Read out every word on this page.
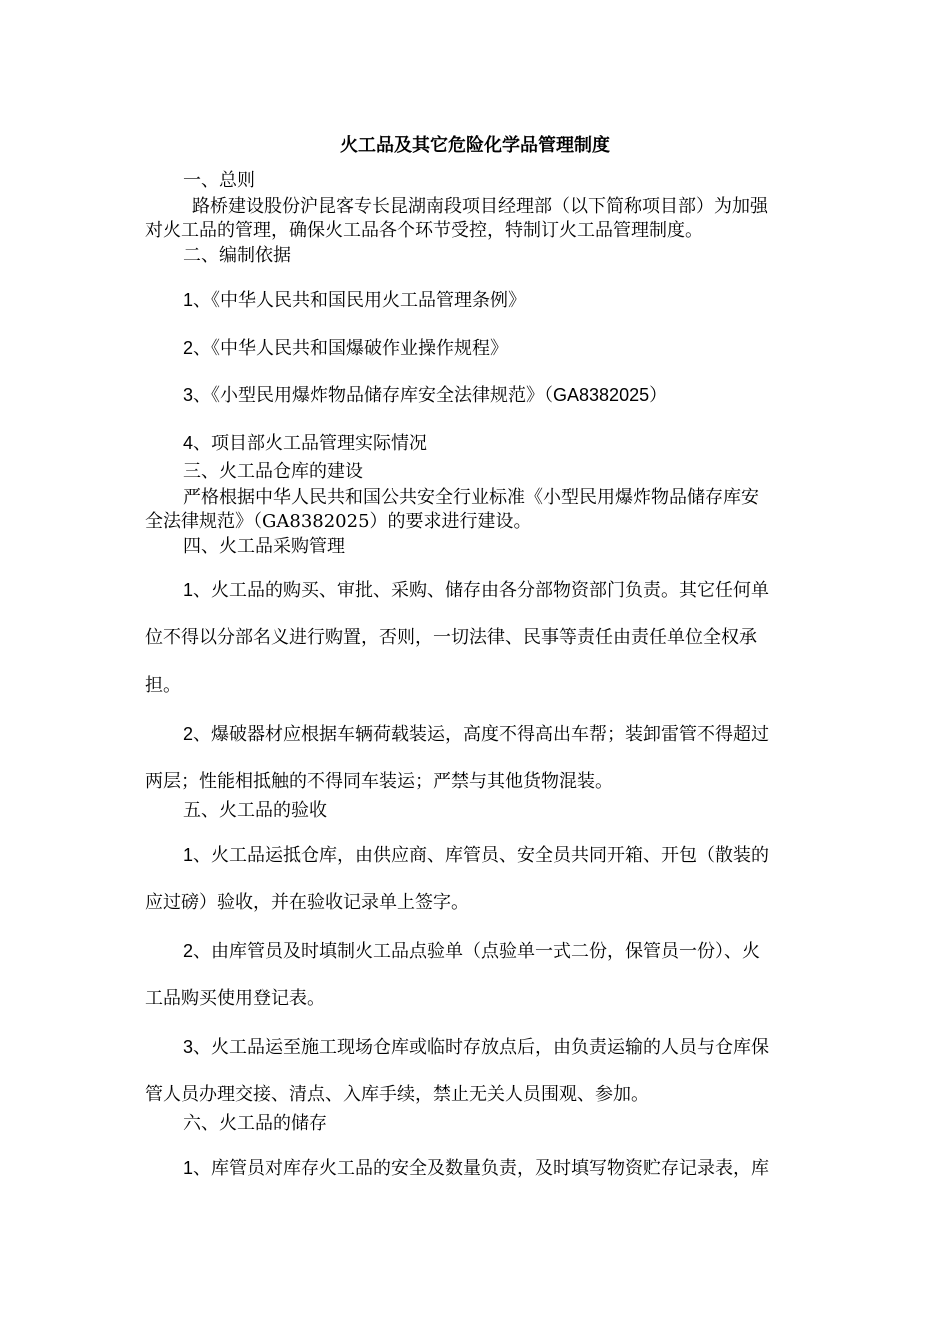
火工品及其它危险化学品管理制度
一、总则
路桥建设股份沪昆客专长昆湖南段项目经理部（以下简称项目部）为加强
对火工品的管理，确保火工品各个环节受控，特制订火工品管理制度。
二、编制依据
1、《中华人民共和国民用火工品管理条例》
2、《中华人民共和国爆破作业操作规程》
3、《小型民用爆炸物品储存库安全法律规范》（GA8382025）
4、项目部火工品管理实际情况
三、火工品仓库的建设
严格根据中华人民共和国公共安全行业标准《小型民用爆炸物品储存库安
全法律规范》（GA8382025）的要求进行建设。
四、火工品采购管理
1、火工品的购买、审批、采购、储存由各分部物资部门负责。其它任何单
位不得以分部名义进行购置，否则，一切法律、民事等责任由责任单位全权承
担。
2、爆破器材应根据车辆荷载装运，高度不得高出车帮；装卸雷管不得超过
两层；性能相抵触的不得同车装运；严禁与其他货物混装。
五、火工品的验收
1、火工品运抵仓库，由供应商、库管员、安全员共同开箱、开包（散装的
应过磅）验收，并在验收记录单上签字。
2、由库管员及时填制火工品点验单（点验单一式二份，保管员一份）、火
工品购买使用登记表。
3、火工品运至施工现场仓库或临时存放点后，由负责运输的人员与仓库保
管人员办理交接、清点、入库手续，禁止无关人员围观、参加。
六、火工品的储存
1、库管员对库存火工品的安全及数量负责，及时填写物资贮存记录表，库
